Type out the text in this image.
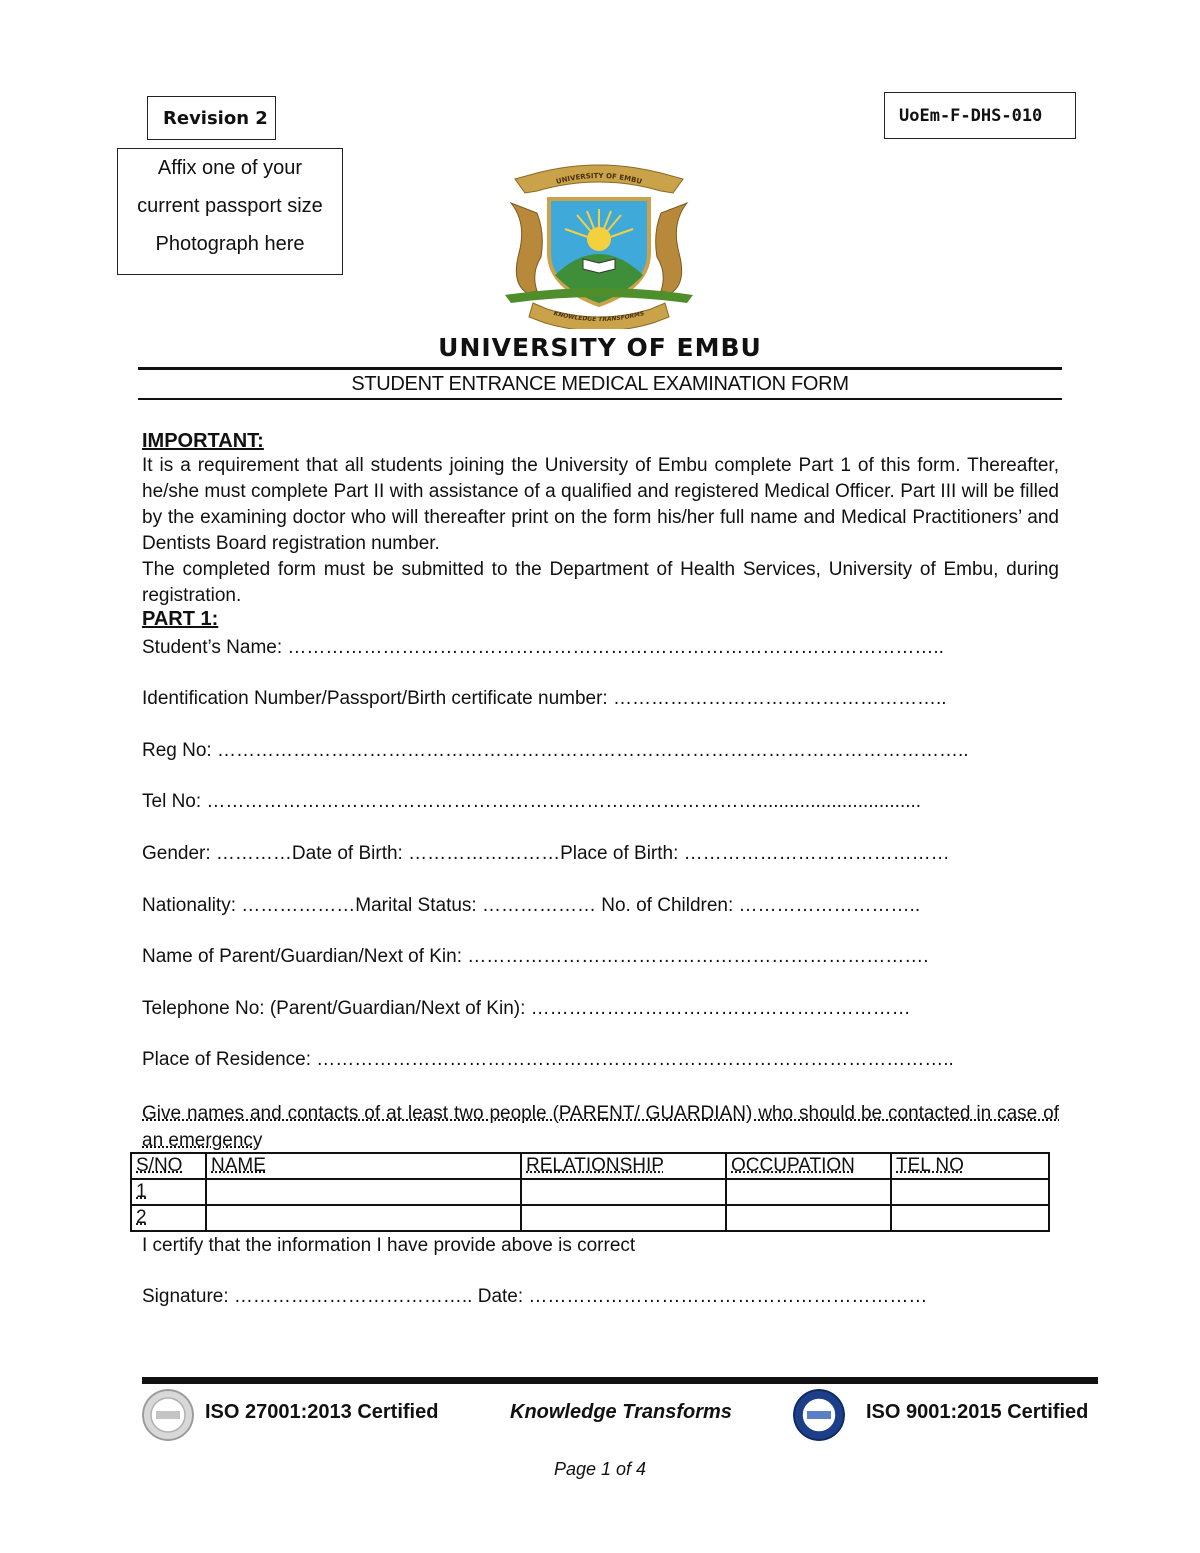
Revision 2	UoEm-F-DHS-010
Affix one of your
current passport size
Photograph here
UNIVERSITY OF EMBU
KNOWLEDGE TRANSFORMS
UNIVERSITY OF EMBU
STUDENT ENTRANCE MEDICAL EXAMINATION FORM
IMPORTANT:
It is a requirement that all students joining the University of Embu complete Part 1 of this form. Thereafter, he/she must complete Part II with assistance of a qualified and registered Medical Officer. Part III will be filled by the examining doctor who will thereafter print on the form his/her full name and Medical Practitioners’ and Dentists Board registration number.
The completed form must be submitted to the Department of Health Services, University of Embu, during registration.
PART 1:
Student’s Name: …………………………………………………………………………………………..
Identification Number/Passport/Birth certificate number: ……………………………………………..
Reg No: ………………………………………………………………………………………………………..
Tel No: ……………………………………………………………………………...............................
Gender: …………Date of Birth: ……………………Place of Birth: ……………………………………
Nationality: ………………Marital Status: ……………… No. of Children: ………………………..
Name of Parent/Guardian/Next of Kin: ……………………………………………………………….
Telephone No: (Parent/Guardian/Next of Kin): ……………………………………………………
Place of Residence: ………………………………………………………………………………………..
Give names and contacts of at least two people (PARENT/ GUARDIAN) who should be contacted in case of an emergency
S/NO	NAME	RELATIONSHIP	OCCUPATION	TEL NO
1				
2				
I certify that the information I have provide above is correct
Signature: ……………………………….. Date: ………………………………………………………
ISO 27001:2013 Certified	Knowledge Transforms	ISO 9001:2015 Certified
Page 1 of 4
